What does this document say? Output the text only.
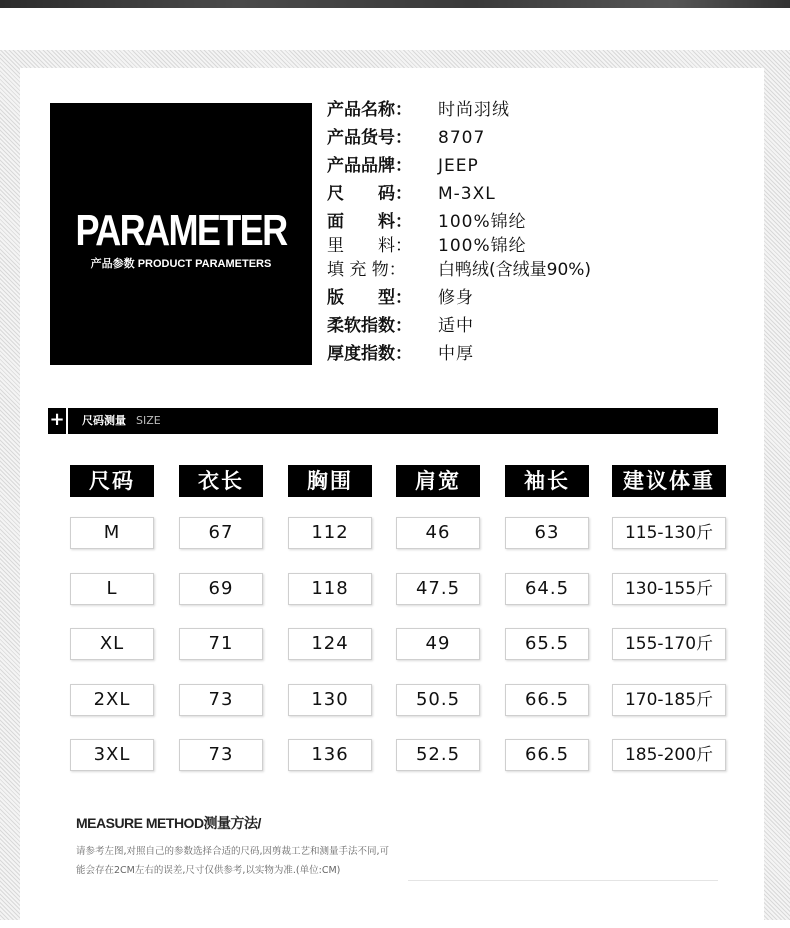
PARAMETER
产品参数 PRODUCT PARAMETERS
产品名称： 时尚羽绒
产品货号： 8707
产品品牌： JEEP
尺　　码： M-3XL
面　　料： 100%锦纶
里　　料： 100%锦纶
填 充 物： 白鸭绒(含绒量90%)
版　　型： 修身
柔软指数： 适中
厚度指数： 中厚
+	尺码测量 SIZE
尺码	衣长	胸围	肩宽	袖长	建议体重
M	67	112	46	63	115-130斤
L	69	118	47.5	64.5	130-155斤
XL	71	124	49	65.5	155-170斤
2XL	73	130	50.5	66.5	170-185斤
3XL	73	136	52.5	66.5	185-200斤
MEASURE METHOD测量方法/
请参考左图,对照自己的参数选择合适的尺码,因剪裁工艺和测量手法不同,可能会存在2CM左右的误差,尺寸仅供参考,以实物为准.(单位:CM)
